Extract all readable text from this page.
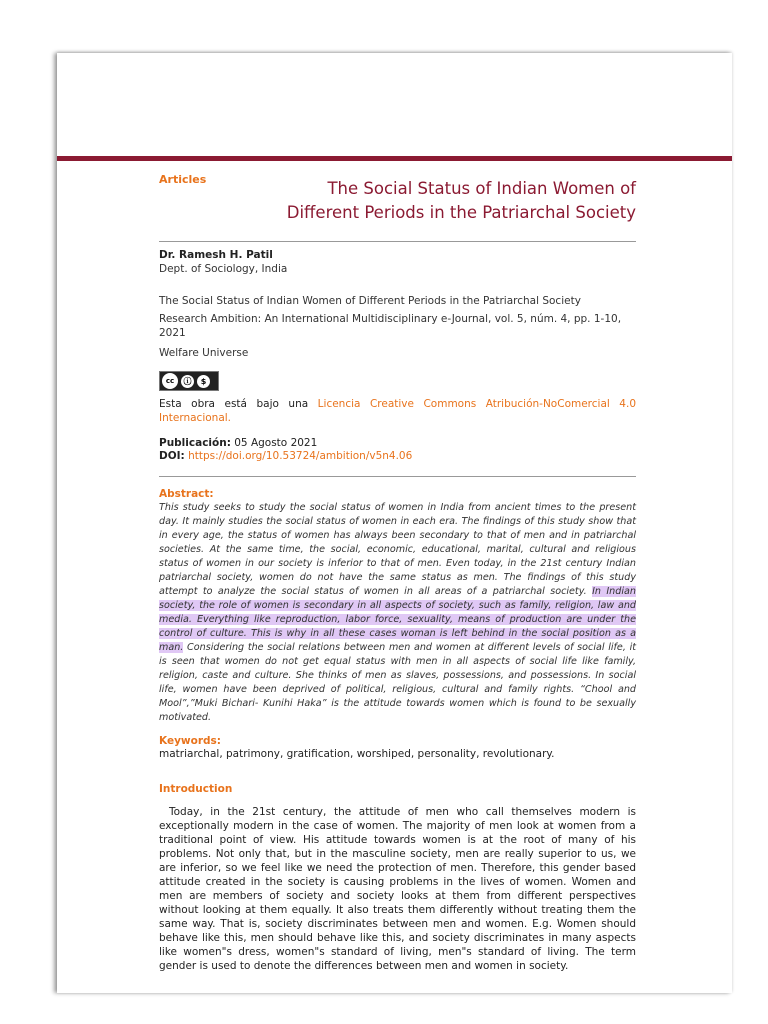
Articles	The Social Status of Indian Women of
Different Periods in the Patriarchal Society
Dr. Ramesh H. Patil
Dept. of Sociology, India
The Social Status of Indian Women of Different Periods in the Patriarchal Society
Research Ambition: An International Multidisciplinary e-Journal, vol. 5, núm. 4, pp. 1-10, 2021
Welfare Universe
cc	ⓘ	$
Esta obra está bajo una Licencia Creative Commons Atribución-NoComercial 4.0 Internacional.
Publicación: 05 Agosto 2021
DOI: https://doi.org/10.53724/ambition/v5n4.06
Abstract:
This study seeks to study the social status of women in India from ancient times to the present day. It mainly studies the social status of women in each era. The findings of this study show that in every age, the status of women has always been secondary to that of men and in patriarchal societies. At the same time, the social, economic, educational, marital, cultural and religious status of women in our society is inferior to that of men. Even today, in the 21st century Indian patriarchal society, women do not have the same status as men. The findings of this study attempt to analyze the social status of women in all areas of a patriarchal society. In Indian society, the role of women is secondary in all aspects of society, such as family, religion, law and media. Everything like reproduction, labor force, sexuality, means of production are under the control of culture. This is why in all these cases woman is left behind in the social position as a man. Considering the social relations between men and women at different levels of social life, it is seen that women do not get equal status with men in all aspects of social life like family, religion, caste and culture. She thinks of men as slaves, possessions, and possessions. In social life, women have been deprived of political, religious, cultural and family rights. “Chool and Mool”,”Muki Bichari- Kunihi Haka” is the attitude towards women which is found to be sexually motivated.
Keywords:
matriarchal, patrimony, gratification, worshiped, personality, revolutionary.
Introduction
Today, in the 21st century, the attitude of men who call themselves modern is exceptionally modern in the case of women. The majority of men look at women from a traditional point of view. His attitude towards women is at the root of many of his problems. Not only that, but in the masculine society, men are really superior to us, we are inferior, so we feel like we need the protection of men. Therefore, this gender based attitude created in the society is causing problems in the lives of women. Women and men are members of society and society looks at them from different perspectives without looking at them equally. It also treats them differently without treating them the same way. That is, society discriminates between men and women. E.g. Women should behave like this, men should behave like this, and society discriminates in many aspects like women"s dress, women"s standard of living, men"s standard of living. The term gender is used to denote the differences between men and women in society.
